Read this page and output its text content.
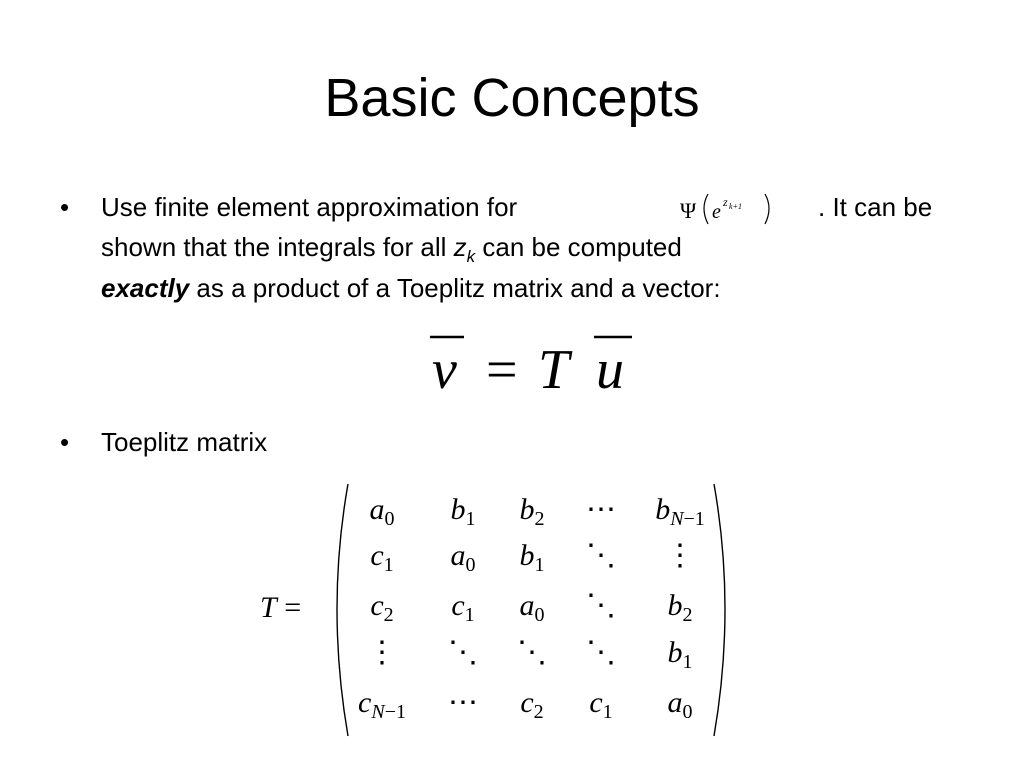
Basic Concepts
• Use finite element approximation for	Ψ e z k+1	. It can be
shown that the integrals for all $z_k$ can be computed
exactly as a product of a Toeplitz matrix and a vector:
v = T u
• Toeplitz matrix
T =
$a_0$	$b_1$	$b_2$	⋯	$b_{N-1}$
$c_1$	$a_0$	$b_1$	⋱	⋮
$c_2$	$c_1$	$a_0$	⋱	$b_2$
⋮	⋱	⋱	⋱	$b_1$
$c_{N-1}$	⋯	$c_2$	$c_1$	$a_0$
